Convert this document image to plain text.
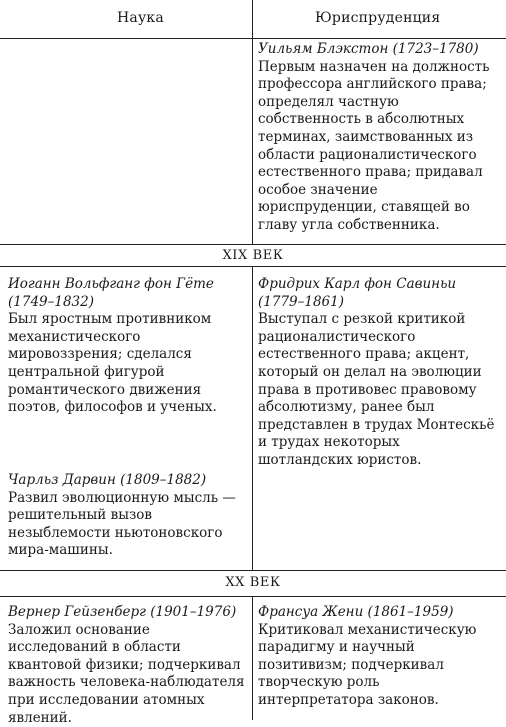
Наука	Юриспруденция
Уильям Блэкстон (1723–1780)

Первым назначен на должность профессора английского права; определял частную собственность в абсолютных терминах, заимствованных из области рационалистического естественного права; придавал особое значение юриспруденции, ставящей во главу угла собственника.

XIX ВЕК
Иоганн Вольфганг фон Гёте (1749–1832)

Был яростным противником механистического мировоззрения; сделался центральной фигурой романтического движения поэтов, философов и ученых.

Чарльз Дарвин (1809–1882)

Развил эволюционную мысль — решительный вызов незыблемости ньютоновского мира-машины.

Фридрих Карл фон Савиньи (1779–1861)

Выступал с резкой критикой рационалистического естественного права; акцент, который он делал на эволюции права в противовес правовому абсолютизму, ранее был представлен в трудах Монтескьё и трудах некоторых шотландских юристов.

XX ВЕК
Вернер Гейзенберг (1901–1976)

Заложил основание исследований в области квантовой физики; подчеркивал важность человека-наблюдателя при исследовании атомных явлений.

Франсуа Жени (1861–1959)

Критиковал механистическую парадигму и научный позитивизм; подчеркивал творческую роль интерпретатора законов.
